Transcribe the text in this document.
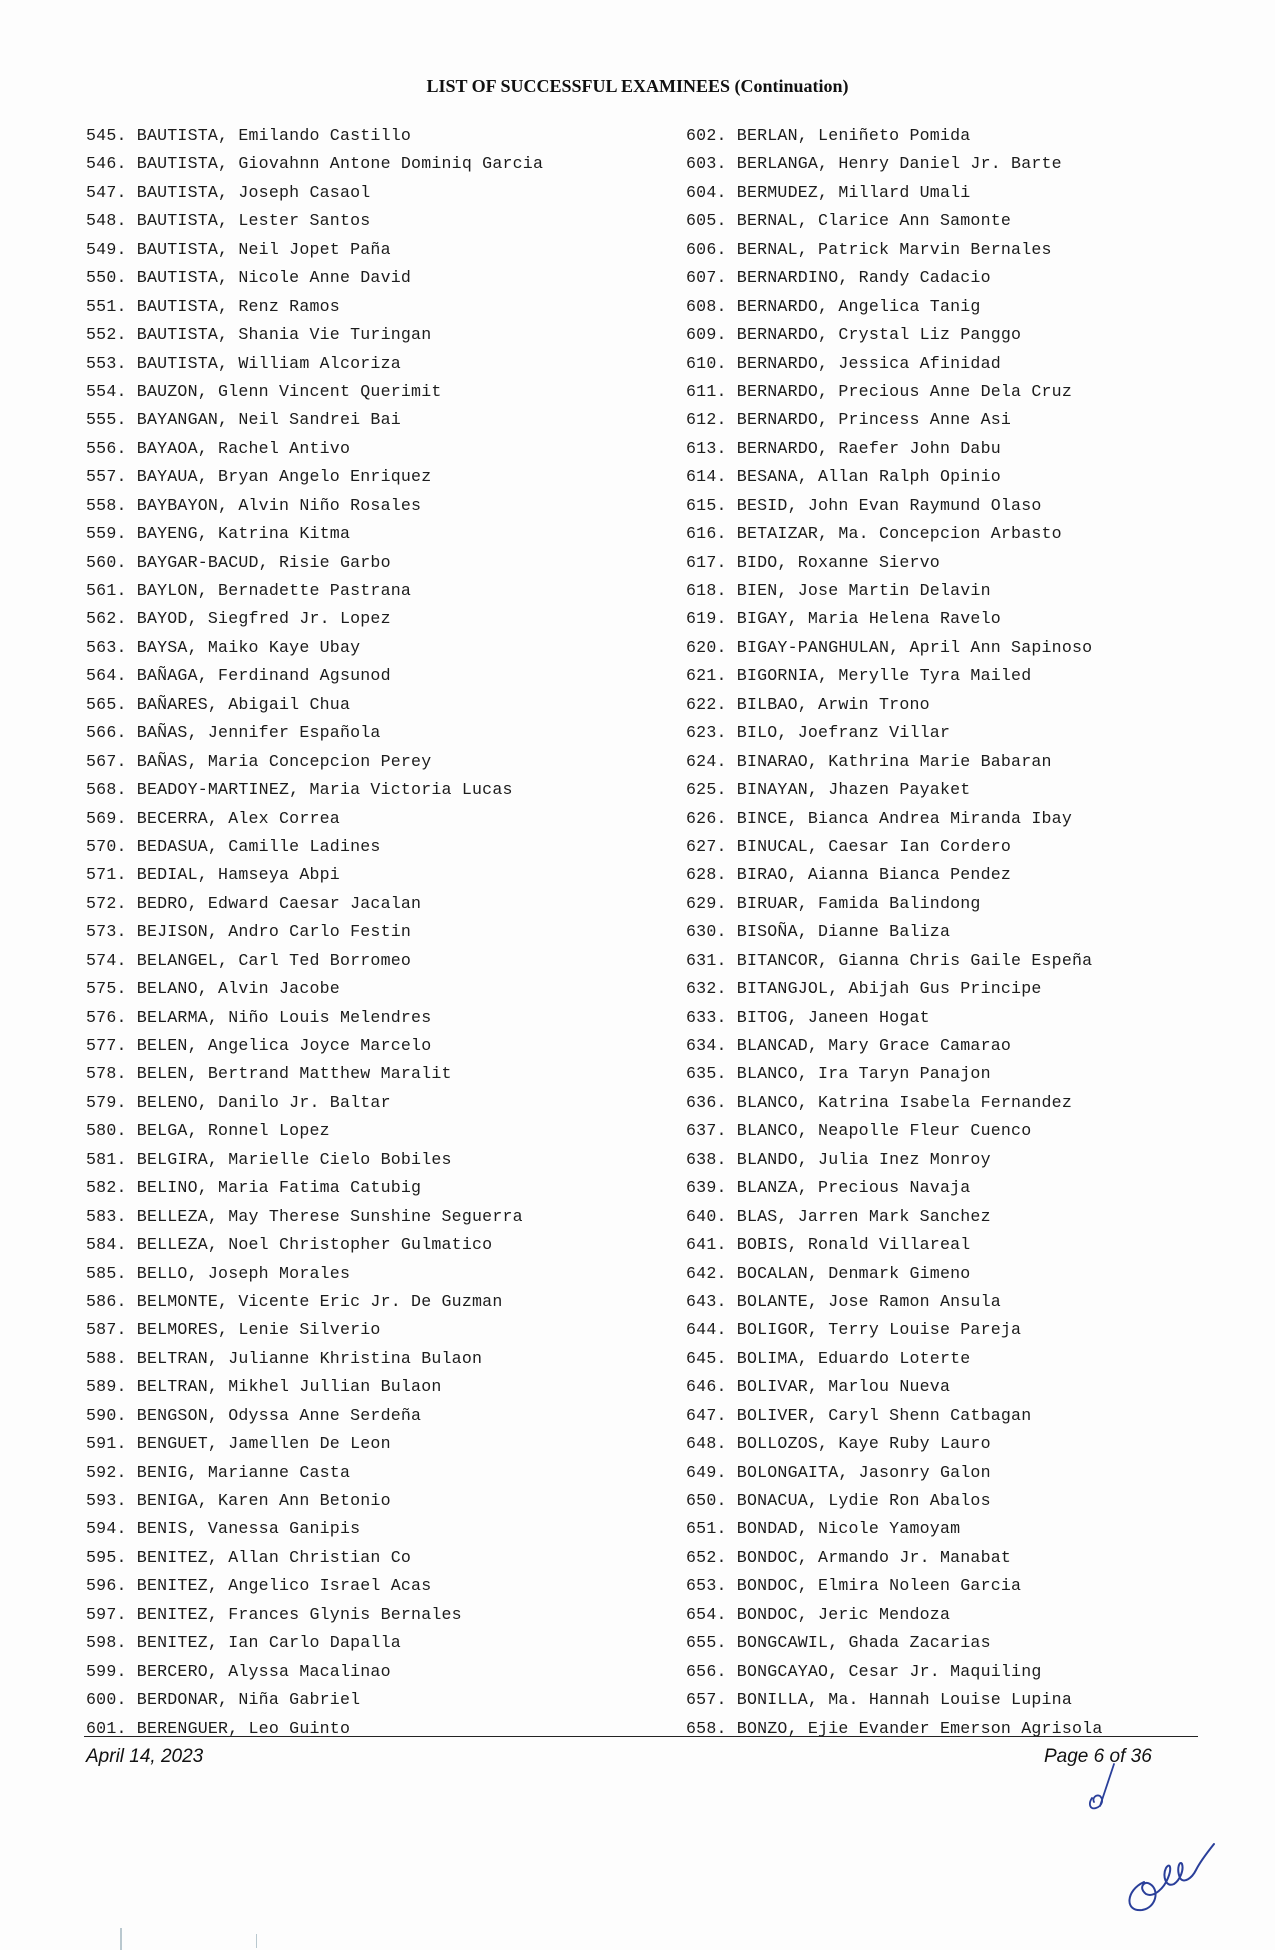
LIST OF SUCCESSFUL EXAMINEES (Continuation)
545. BAUTISTA, Emilando Castillo
546. BAUTISTA, Giovahnn Antone Dominiq Garcia
547. BAUTISTA, Joseph Casaol
548. BAUTISTA, Lester Santos
549. BAUTISTA, Neil Jopet Paña
550. BAUTISTA, Nicole Anne David
551. BAUTISTA, Renz Ramos
552. BAUTISTA, Shania Vie Turingan
553. BAUTISTA, William Alcoriza
554. BAUZON, Glenn Vincent Querimit
555. BAYANGAN, Neil Sandrei Bai
556. BAYAOA, Rachel Antivo
557. BAYAUA, Bryan Angelo Enriquez
558. BAYBAYON, Alvin Niño Rosales
559. BAYENG, Katrina Kitma
560. BAYGAR-BACUD, Risie Garbo
561. BAYLON, Bernadette Pastrana
562. BAYOD, Siegfred Jr. Lopez
563. BAYSA, Maiko Kaye Ubay
564. BAÑAGA, Ferdinand Agsunod
565. BAÑARES, Abigail Chua
566. BAÑAS, Jennifer Española
567. BAÑAS, Maria Concepcion Perey
568. BEADOY-MARTINEZ, Maria Victoria Lucas
569. BECERRA, Alex Correa
570. BEDASUA, Camille Ladines
571. BEDIAL, Hamseya Abpi
572. BEDRO, Edward Caesar Jacalan
573. BEJISON, Andro Carlo Festin
574. BELANGEL, Carl Ted Borromeo
575. BELANO, Alvin Jacobe
576. BELARMA, Niño Louis Melendres
577. BELEN, Angelica Joyce Marcelo
578. BELEN, Bertrand Matthew Maralit
579. BELENO, Danilo Jr. Baltar
580. BELGA, Ronnel Lopez
581. BELGIRA, Marielle Cielo Bobiles
582. BELINO, Maria Fatima Catubig
583. BELLEZA, May Therese Sunshine Seguerra
584. BELLEZA, Noel Christopher Gulmatico
585. BELLO, Joseph Morales
586. BELMONTE, Vicente Eric Jr. De Guzman
587. BELMORES, Lenie Silverio
588. BELTRAN, Julianne Khristina Bulaon
589. BELTRAN, Mikhel Jullian Bulaon
590. BENGSON, Odyssa Anne Serdeña
591. BENGUET, Jamellen De Leon
592. BENIG, Marianne Casta
593. BENIGA, Karen Ann Betonio
594. BENIS, Vanessa Ganipis
595. BENITEZ, Allan Christian Co
596. BENITEZ, Angelico Israel Acas
597. BENITEZ, Frances Glynis Bernales
598. BENITEZ, Ian Carlo Dapalla
599. BERCERO, Alyssa Macalinao
600. BERDONAR, Niña Gabriel
601. BERENGUER, Leo Guinto
602. BERLAN, Leniñeto Pomida
603. BERLANGA, Henry Daniel Jr. Barte
604. BERMUDEZ, Millard Umali
605. BERNAL, Clarice Ann Samonte
606. BERNAL, Patrick Marvin Bernales
607. BERNARDINO, Randy Cadacio
608. BERNARDO, Angelica Tanig
609. BERNARDO, Crystal Liz Panggo
610. BERNARDO, Jessica Afinidad
611. BERNARDO, Precious Anne Dela Cruz
612. BERNARDO, Princess Anne Asi
613. BERNARDO, Raefer John Dabu
614. BESANA, Allan Ralph Opinio
615. BESID, John Evan Raymund Olaso
616. BETAIZAR, Ma. Concepcion Arbasto
617. BIDO, Roxanne Siervo
618. BIEN, Jose Martin Delavin
619. BIGAY, Maria Helena Ravelo
620. BIGAY-PANGHULAN, April Ann Sapinoso
621. BIGORNIA, Merylle Tyra Mailed
622. BILBAO, Arwin Trono
623. BILO, Joefranz Villar
624. BINARAO, Kathrina Marie Babaran
625. BINAYAN, Jhazen Payaket
626. BINCE, Bianca Andrea Miranda Ibay
627. BINUCAL, Caesar Ian Cordero
628. BIRAO, Aianna Bianca Pendez
629. BIRUAR, Famida Balindong
630. BISOÑA, Dianne Baliza
631. BITANCOR, Gianna Chris Gaile Espeña
632. BITANGJOL, Abijah Gus Principe
633. BITOG, Janeen Hogat
634. BLANCAD, Mary Grace Camarao
635. BLANCO, Ira Taryn Panajon
636. BLANCO, Katrina Isabela Fernandez
637. BLANCO, Neapolle Fleur Cuenco
638. BLANDO, Julia Inez Monroy
639. BLANZA, Precious Navaja
640. BLAS, Jarren Mark Sanchez
641. BOBIS, Ronald Villareal
642. BOCALAN, Denmark Gimeno
643. BOLANTE, Jose Ramon Ansula
644. BOLIGOR, Terry Louise Pareja
645. BOLIMA, Eduardo Loterte
646. BOLIVAR, Marlou Nueva
647. BOLIVER, Caryl Shenn Catbagan
648. BOLLOZOS, Kaye Ruby Lauro
649. BOLONGAITA, Jasonry Galon
650. BONACUA, Lydie Ron Abalos
651. BONDAD, Nicole Yamoyam
652. BONDOC, Armando Jr. Manabat
653. BONDOC, Elmira Noleen Garcia
654. BONDOC, Jeric Mendoza
655. BONGCAWIL, Ghada Zacarias
656. BONGCAYAO, Cesar Jr. Maquiling
657. BONILLA, Ma. Hannah Louise Lupina
658. BONZO, Ejie Evander Emerson Agrisola
April 14, 2023	Page 6 of 36
